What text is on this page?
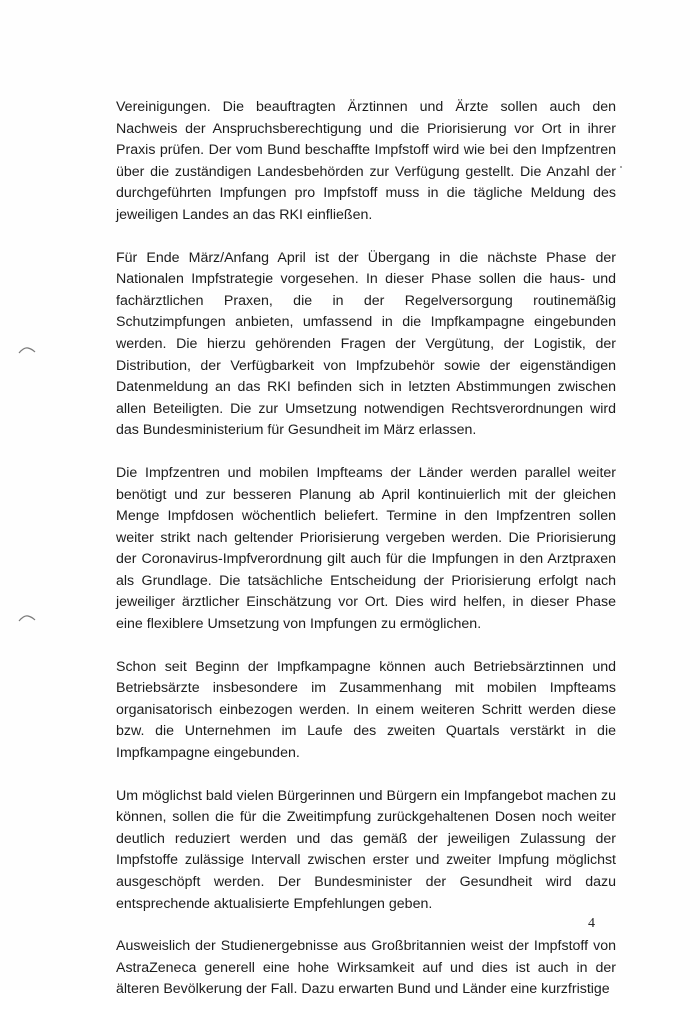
Vereinigungen. Die beauftragten Ärztinnen und Ärzte sollen auch den Nachweis der Anspruchsberechtigung und die Priorisierung vor Ort in ihrer Praxis prüfen. Der vom Bund beschaffte Impfstoff wird wie bei den Impfzentren über die zuständigen Landesbehörden zur Verfügung gestellt. Die Anzahl der durchgeführten Impfungen pro Impfstoff muss in die tägliche Meldung des jeweiligen Landes an das RKI einfließen.

Für Ende März/Anfang April ist der Übergang in die nächste Phase der Nationalen Impfstrategie vorgesehen. In dieser Phase sollen die haus- und fachärztlichen Praxen, die in der Regelversorgung routinemäßig Schutzimpfungen anbieten, umfassend in die Impfkampagne eingebunden werden. Die hierzu gehörenden Fragen der Vergütung, der Logistik, der Distribution, der Verfügbarkeit von Impfzubehör sowie der eigenständigen Datenmeldung an das RKI befinden sich in letzten Abstimmungen zwischen allen Beteiligten. Die zur Umsetzung notwendigen Rechtsverordnungen wird das Bundesministerium für Gesundheit im März erlassen.

Die Impfzentren und mobilen Impfteams der Länder werden parallel weiter benötigt und zur besseren Planung ab April kontinuierlich mit der gleichen Menge Impfdosen wöchentlich beliefert. Termine in den Impfzentren sollen weiter strikt nach geltender Priorisierung vergeben werden. Die Priorisierung der Coronavirus-Impfverordnung gilt auch für die Impfungen in den Arztpraxen als Grundlage. Die tatsächliche Entscheidung der Priorisierung erfolgt nach jeweiliger ärztlicher Einschätzung vor Ort. Dies wird helfen, in dieser Phase eine flexiblere Umsetzung von Impfungen zu ermöglichen.

Schon seit Beginn der Impfkampagne können auch Betriebsärztinnen und Betriebsärzte insbesondere im Zusammenhang mit mobilen Impfteams organisatorisch einbezogen werden. In einem weiteren Schritt werden diese bzw. die Unternehmen im Laufe des zweiten Quartals verstärkt in die Impfkampagne eingebunden.

Um möglichst bald vielen Bürgerinnen und Bürgern ein Impfangebot machen zu können, sollen die für die Zweitimpfung zurückgehaltenen Dosen noch weiter deutlich reduziert werden und das gemäß der jeweiligen Zulassung der Impfstoffe zulässige Intervall zwischen erster und zweiter Impfung möglichst ausgeschöpft werden. Der Bundesminister der Gesundheit wird dazu entsprechende aktualisierte Empfehlungen geben.

Ausweislich der Studienergebnisse aus Großbritannien weist der Impfstoff von AstraZeneca generell eine hohe Wirksamkeit auf und dies ist auch in der älteren Bevölkerung der Fall. Dazu erwarten Bund und Länder eine kurzfristige

4
